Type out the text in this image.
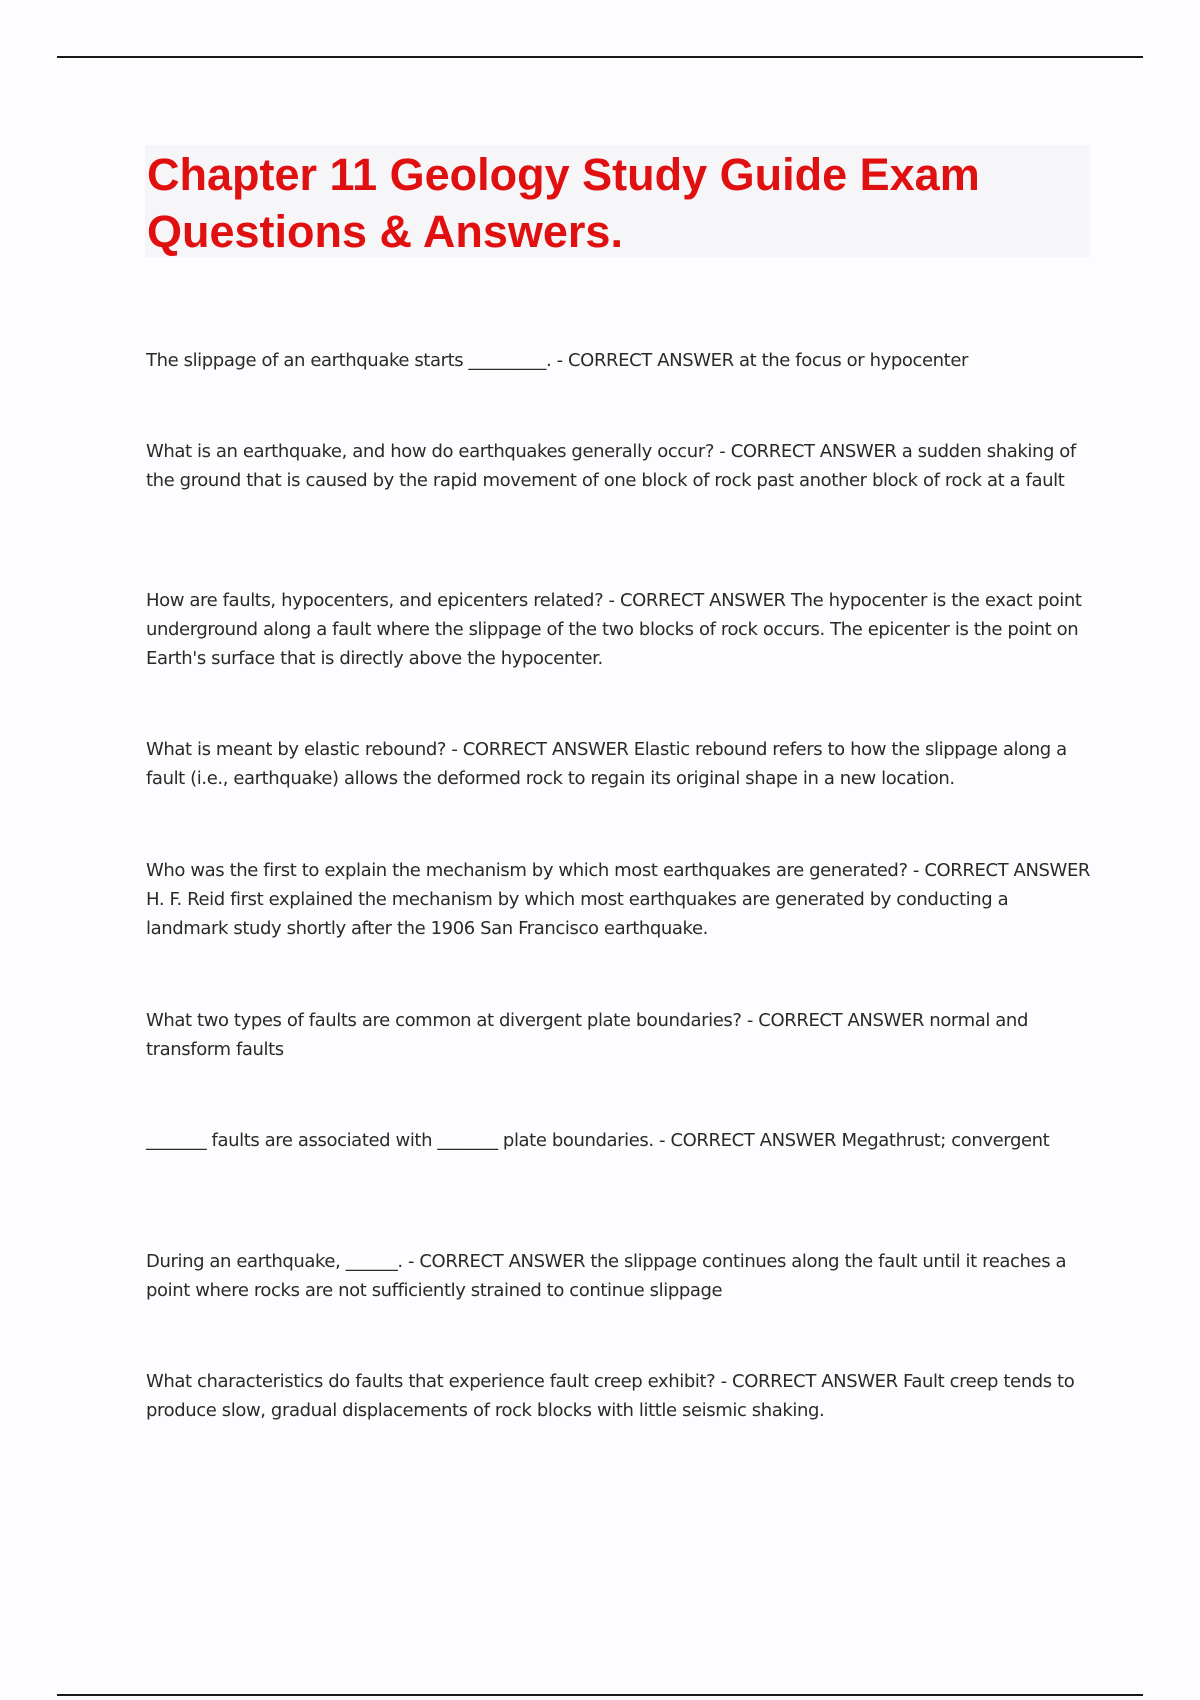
Chapter 11 Geology Study Guide Exam Questions & Answers.

The slippage of an earthquake starts _________. - CORRECT ANSWER at the focus or hypocenter

What is an earthquake, and how do earthquakes generally occur? - CORRECT ANSWER a sudden shaking of the ground that is caused by the rapid movement of one block of rock past another block of rock at a fault

How are faults, hypocenters, and epicenters related? - CORRECT ANSWER The hypocenter is the exact point underground along a fault where the slippage of the two blocks of rock occurs. The epicenter is the point on Earth's surface that is directly above the hypocenter.

What is meant by elastic rebound? - CORRECT ANSWER Elastic rebound refers to how the slippage along a fault (i.e., earthquake) allows the deformed rock to regain its original shape in a new location.

Who was the first to explain the mechanism by which most earthquakes are generated? - CORRECT ANSWER H. F. Reid first explained the mechanism by which most earthquakes are generated by conducting a landmark study shortly after the 1906 San Francisco earthquake.

What two types of faults are common at divergent plate boundaries? - CORRECT ANSWER normal and transform faults

_______ faults are associated with _______ plate boundaries. - CORRECT ANSWER Megathrust; convergent

During an earthquake, ______. - CORRECT ANSWER the slippage continues along the fault until it reaches a point where rocks are not sufficiently strained to continue slippage

What characteristics do faults that experience fault creep exhibit? - CORRECT ANSWER Fault creep tends to produce slow, gradual displacements of rock blocks with little seismic shaking.
